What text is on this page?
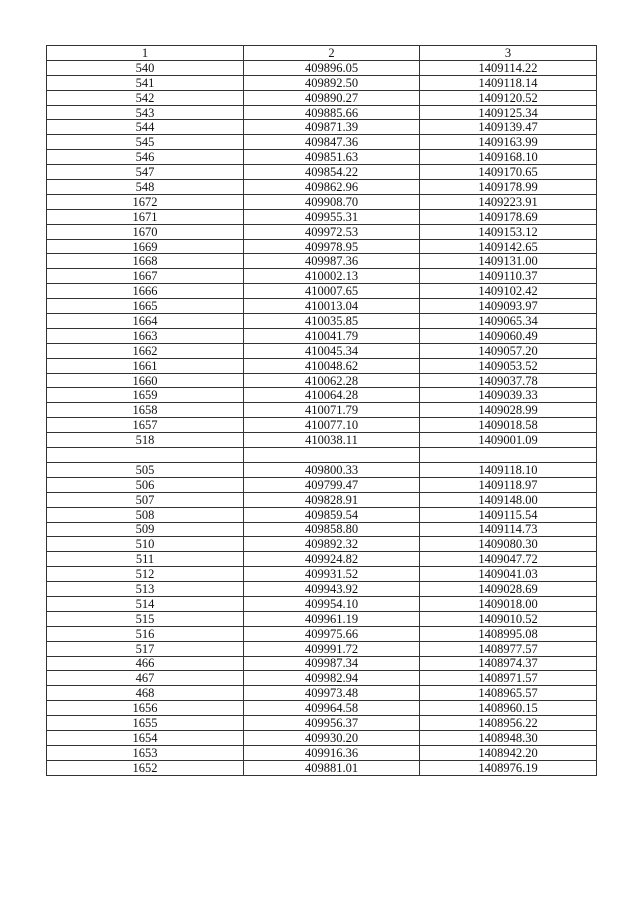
1	2	3
540	409896.05	1409114.22
541	409892.50	1409118.14
542	409890.27	1409120.52
543	409885.66	1409125.34
544	409871.39	1409139.47
545	409847.36	1409163.99
546	409851.63	1409168.10
547	409854.22	1409170.65
548	409862.96	1409178.99
1672	409908.70	1409223.91
1671	409955.31	1409178.69
1670	409972.53	1409153.12
1669	409978.95	1409142.65
1668	409987.36	1409131.00
1667	410002.13	1409110.37
1666	410007.65	1409102.42
1665	410013.04	1409093.97
1664	410035.85	1409065.34
1663	410041.79	1409060.49
1662	410045.34	1409057.20
1661	410048.62	1409053.52
1660	410062.28	1409037.78
1659	410064.28	1409039.33
1658	410071.79	1409028.99
1657	410077.10	1409018.58
518	410038.11	1409001.09

505	409800.33	1409118.10
506	409799.47	1409118.97
507	409828.91	1409148.00
508	409859.54	1409115.54
509	409858.80	1409114.73
510	409892.32	1409080.30
511	409924.82	1409047.72
512	409931.52	1409041.03
513	409943.92	1409028.69
514	409954.10	1409018.00
515	409961.19	1409010.52
516	409975.66	1408995.08
517	409991.72	1408977.57
466	409987.34	1408974.37
467	409982.94	1408971.57
468	409973.48	1408965.57
1656	409964.58	1408960.15
1655	409956.37	1408956.22
1654	409930.20	1408948.30
1653	409916.36	1408942.20
1652	409881.01	1408976.19
